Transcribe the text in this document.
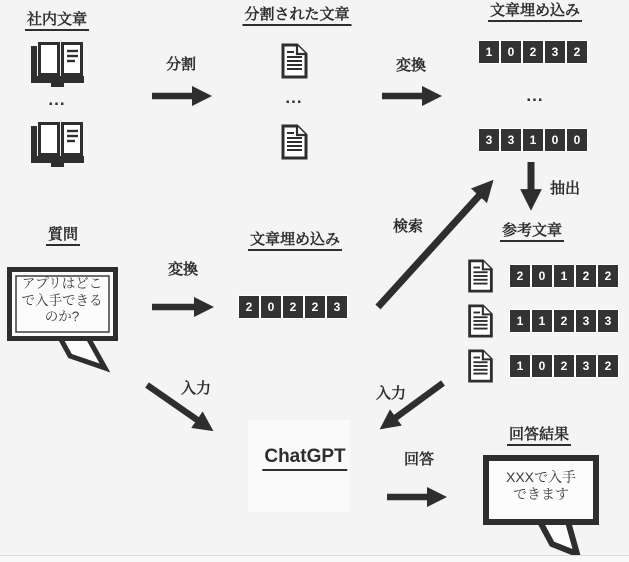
社内文章
...
分割
分割された文章
...
変換
文章埋め込み
1	0	2	3	2
...
3	3	1	0	0
抽出
検索	参考文章
2	0	1	2	2
1	1	2	3	3
1	0	2	3	2
質問
アプリはどこ
で入手できる
のか?
変換
文章埋め込み
2	0	2	2	3
入力	入力
ChatGPT	回答
回答結果
XXXで入手
できます
